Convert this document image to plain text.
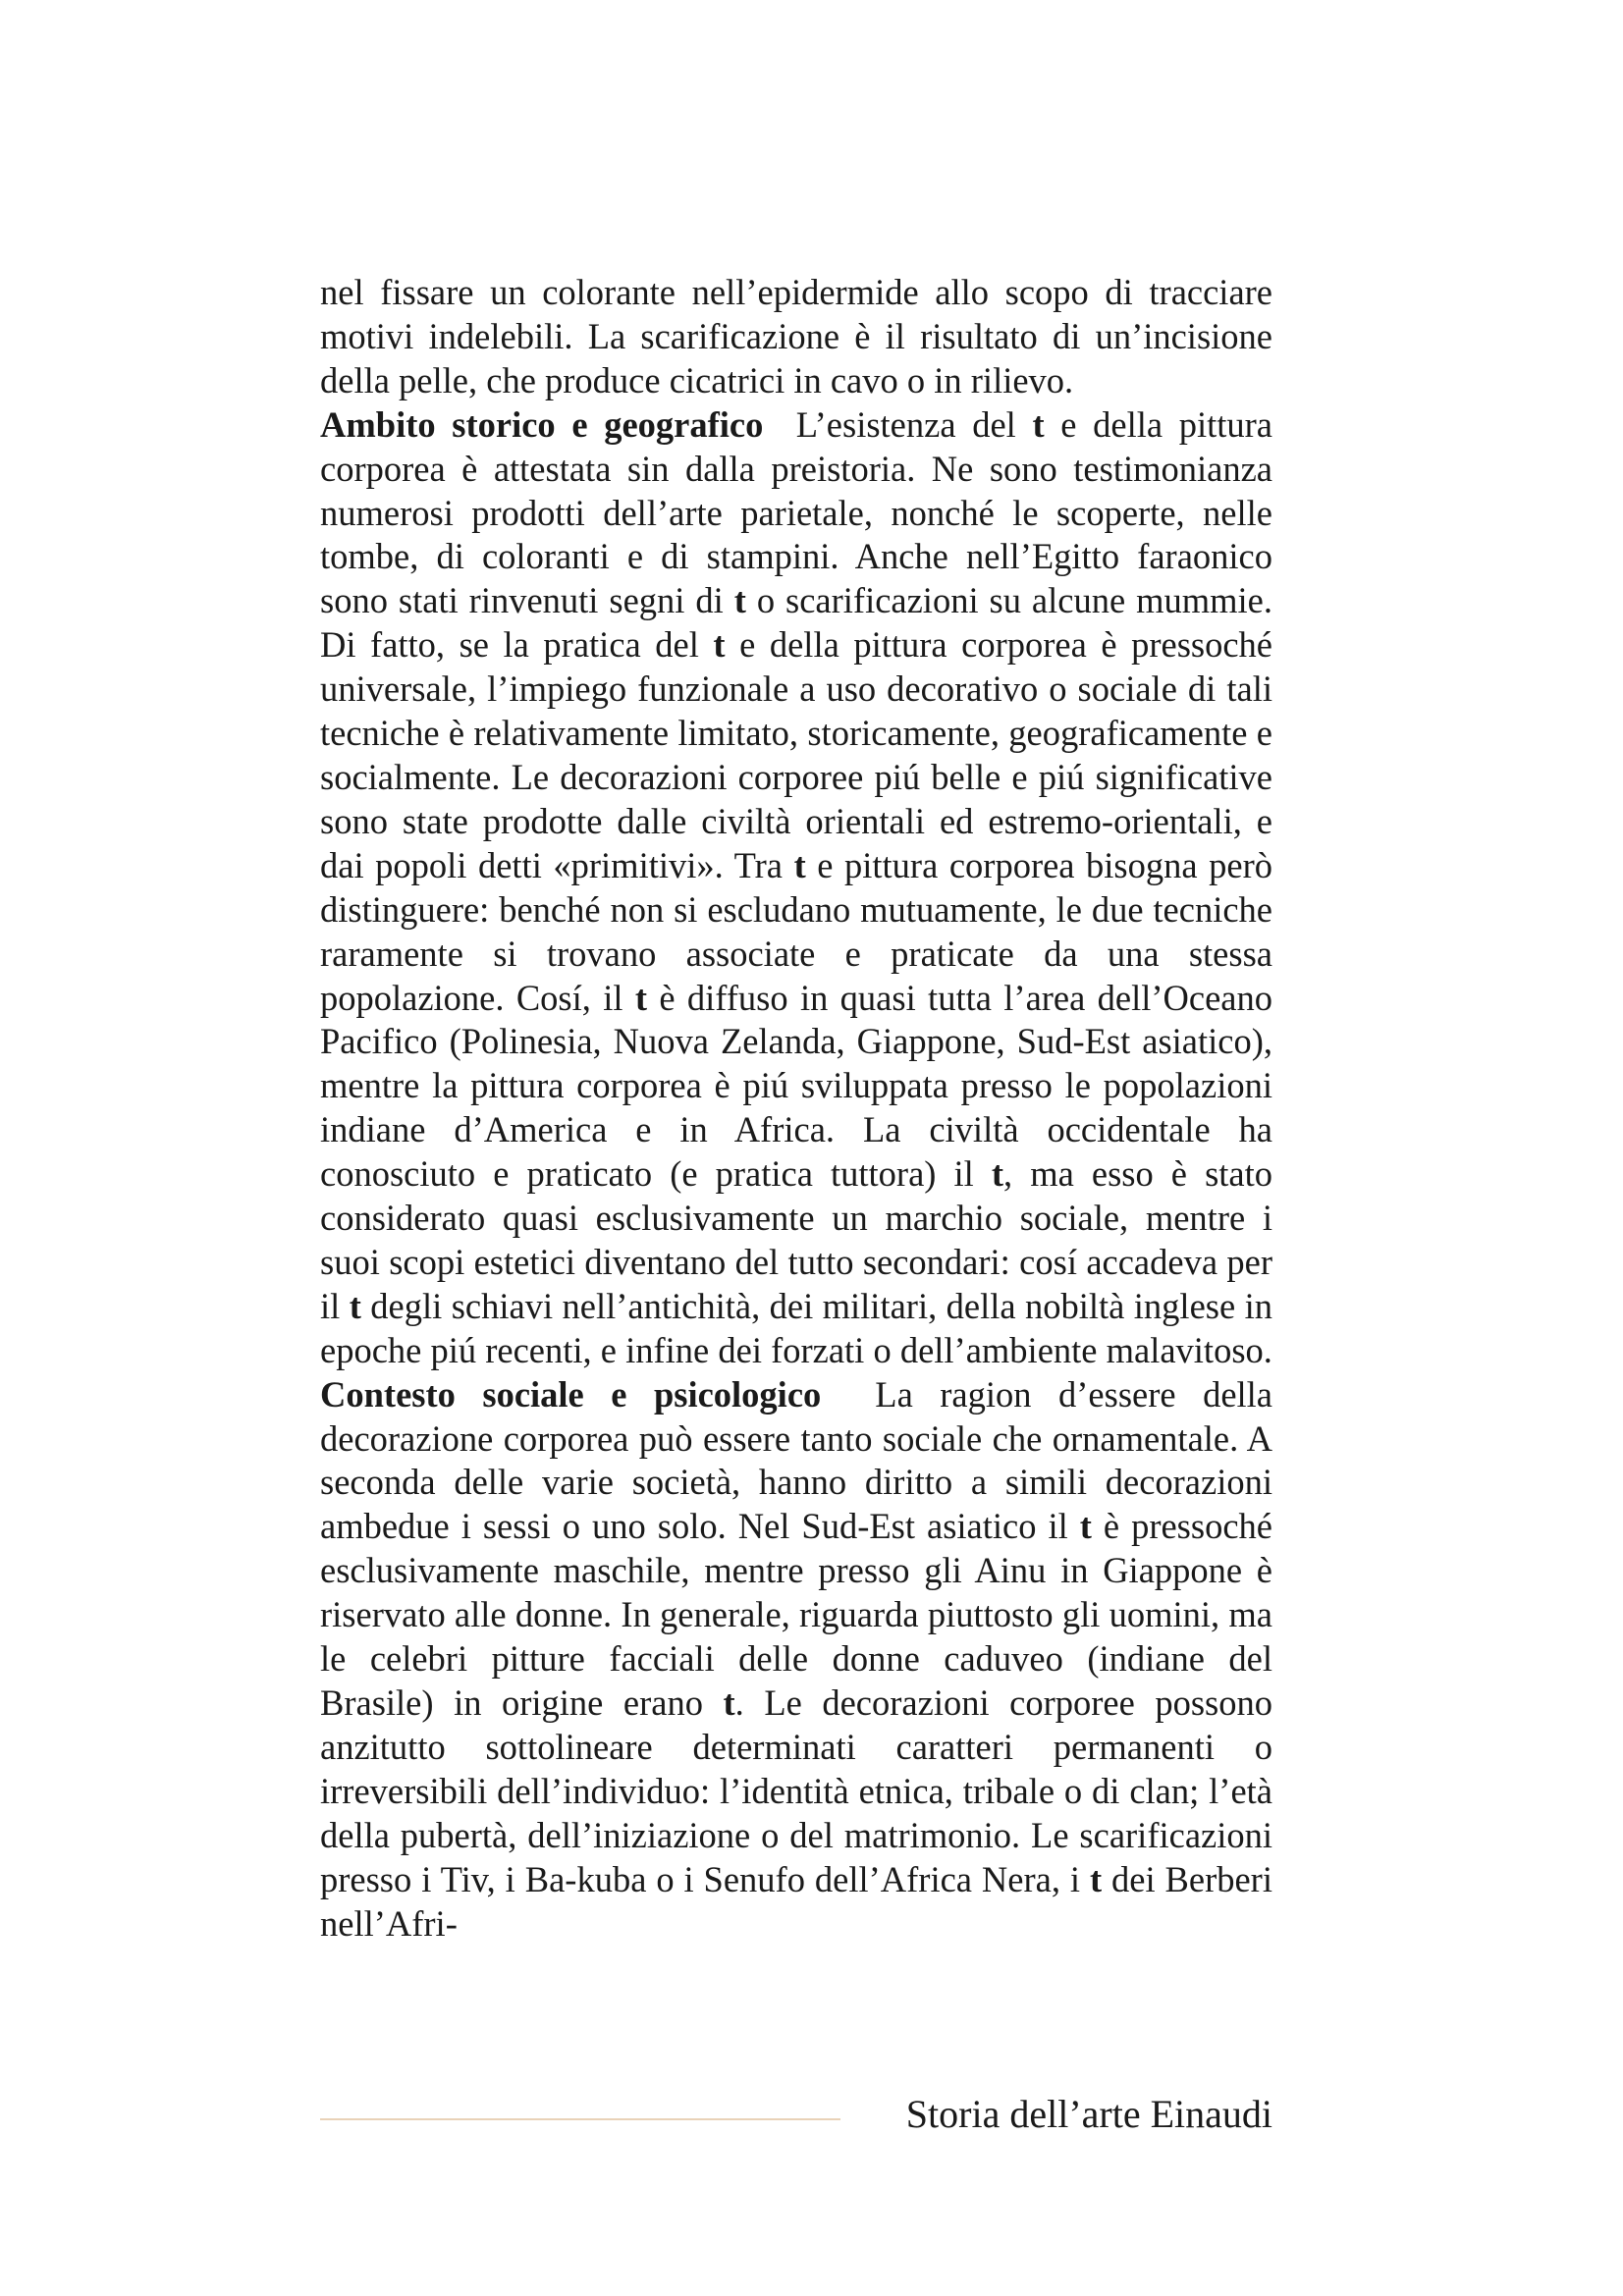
nel fissare un colorante nell’epidermide allo scopo di tracciare motivi indelebili. La scarificazione è il risultato di un’incisione della pelle, che produce cicatrici in cavo o in rilievo.

Ambito storico e geografico L’esistenza del t e della pittura corporea è attestata sin dalla preistoria. Ne sono testimonianza numerosi prodotti dell’arte parietale, nonché le scoperte, nelle tombe, di coloranti e di stampini. Anche nell’Egitto faraonico sono stati rinvenuti segni di t o scarificazioni su alcune mummie. Di fatto, se la pratica del t e della pittura corporea è pressoché universale, l’impiego funzionale a uso decorativo o sociale di tali tecniche è relativamente limitato, storicamente, geograficamente e socialmente. Le decorazioni corporee piú belle e piú significative sono state prodotte dalle civiltà orientali ed estremo-orientali, e dai popoli detti «primitivi». Tra t e pittura corporea bisogna però distinguere: benché non si escludano mutuamente, le due tecniche raramente si trovano associate e praticate da una stessa popolazione. Cosí, il t è diffuso in quasi tutta l’area dell’Oceano Pacifico (Polinesia, Nuova Zelanda, Giappone, Sud-Est asiatico), mentre la pittura corporea è piú sviluppata presso le popolazioni indiane d’America e in Africa. La civiltà occidentale ha conosciuto e praticato (e pratica tuttora) il t, ma esso è stato considerato quasi esclusivamente un marchio sociale, mentre i suoi scopi estetici diventano del tutto secondari: cosí accadeva per il t degli schiavi nell’antichità, dei militari, della nobiltà inglese in epoche piú recenti, e infine dei forzati o dell’ambiente malavitoso.

Contesto sociale e psicologico La ragion d’essere della decorazione corporea può essere tanto sociale che ornamentale. A seconda delle varie società, hanno diritto a simili decorazioni ambedue i sessi o uno solo. Nel Sud-Est asiatico il t è pressoché esclusivamente maschile, mentre presso gli Ainu in Giappone è riservato alle donne. In generale, riguarda piuttosto gli uomini, ma le celebri pitture facciali delle donne caduveo (indiane del Brasile) in origine erano t. Le decorazioni corporee possono anzitutto sottolineare determinati caratteri permanenti o irreversibili dell’individuo: l’identità etnica, tribale o di clan; l’età della pubertà, dell’iniziazione o del matrimonio. Le scarificazioni presso i Tiv, i Ba-kuba o i Senufo dell’Africa Nera, i t dei Berberi nell’Afri-

Storia dell’arte Einaudi
